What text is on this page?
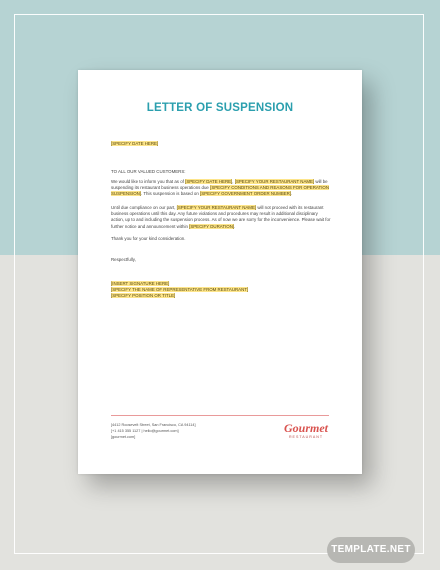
LETTER OF SUSPENSION
[SPECIFY DATE HERE]
TO ALL OUR VALUED CUSTOMERS:
We would like to inform you that as of [SPECIFY DATE HERE], [SPECIFY YOUR RESTAURANT NAME] will be suspending its restaurant business operations due [SPECIFY CONDITIONS AND REASONS FOR OPERATION SUSPENSION]. This suspension is based on [SPECIFY GOVERNMENT ORDER NUMBER].
Until due compliance on our part, [SPECIFY YOUR RESTAURANT NAME] will not proceed with its restaurant business operations until this day. Any future violations and procedures may result in additional disciplinary action, up to and including the suspension process. As of now we are sorry for the inconvenience. Please wait for further notice and announcement within [SPECIFY DURATION].
Thank you for your kind consideration.
Respectfully,
[INSERT SIGNATURE HERE]
[SPECIFY THE NAME OF REPRESENTATIVE FROM RESTAURANT]
[SPECIFY POSITION OR TITLE]
[4412 Roosevelt Street, San Francisco, CA 94114]
[+1 415 355 1127 | hello@gourmet.com]
[gourmet.com]
Gourmet
RESTAURANT
TEMPLATE.NET
